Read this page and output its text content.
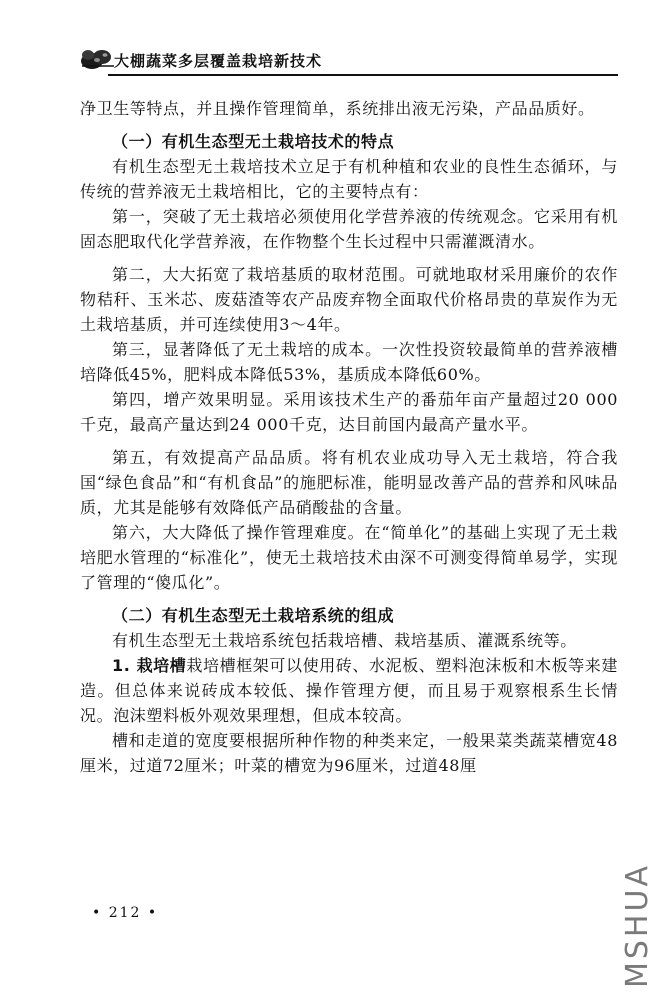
大棚蔬菜多层覆盖栽培新技术

净卫生等特点，并且操作管理简单，系统排出液无污染，产品品质好。

（一）有机生态型无土栽培技术的特点

有机生态型无土栽培技术立足于有机种植和农业的良性生态循环，与传统的营养液无土栽培相比，它的主要特点有：

第一，突破了无土栽培必须使用化学营养液的传统观念。它采用有机固态肥取代化学营养液，在作物整个生长过程中只需灌溉清水。

第二，大大拓宽了栽培基质的取材范围。可就地取材采用廉价的农作物秸秆、玉米芯、废菇渣等农产品废弃物全面取代价格昂贵的草炭作为无土栽培基质，并可连续使用3～4年。

第三，显著降低了无土栽培的成本。一次性投资较最简单的营养液槽培降低45%，肥料成本降低53%，基质成本降低60%。

第四，增产效果明显。采用该技术生产的番茄年亩产量超过20 000千克，最高产量达到24 000千克，达目前国内最高产量水平。

第五，有效提高产品品质。将有机农业成功导入无土栽培，符合我国“绿色食品”和“有机食品”的施肥标准，能明显改善产品的营养和风味品质，尤其是能够有效降低产品硝酸盐的含量。

第六，大大降低了操作管理难度。在“简单化”的基础上实现了无土栽培肥水管理的“标准化”，使无土栽培技术由深不可测变得简单易学，实现了管理的“傻瓜化”。

（二）有机生态型无土栽培系统的组成

有机生态型无土栽培系统包括栽培槽、栽培基质、灌溉系统等。

1. 栽培槽栽培槽框架可以使用砖、水泥板、塑料泡沫板和木板等来建造。但总体来说砖成本较低、操作管理方便，而且易于观察根系生长情况。泡沫塑料板外观效果理想，但成本较高。

槽和走道的宽度要根据所种作物的种类来定，一般果菜类蔬菜槽宽48厘米，过道72厘米；叶菜的槽宽为96厘米，过道48厘

• 212 •	MSHUA
